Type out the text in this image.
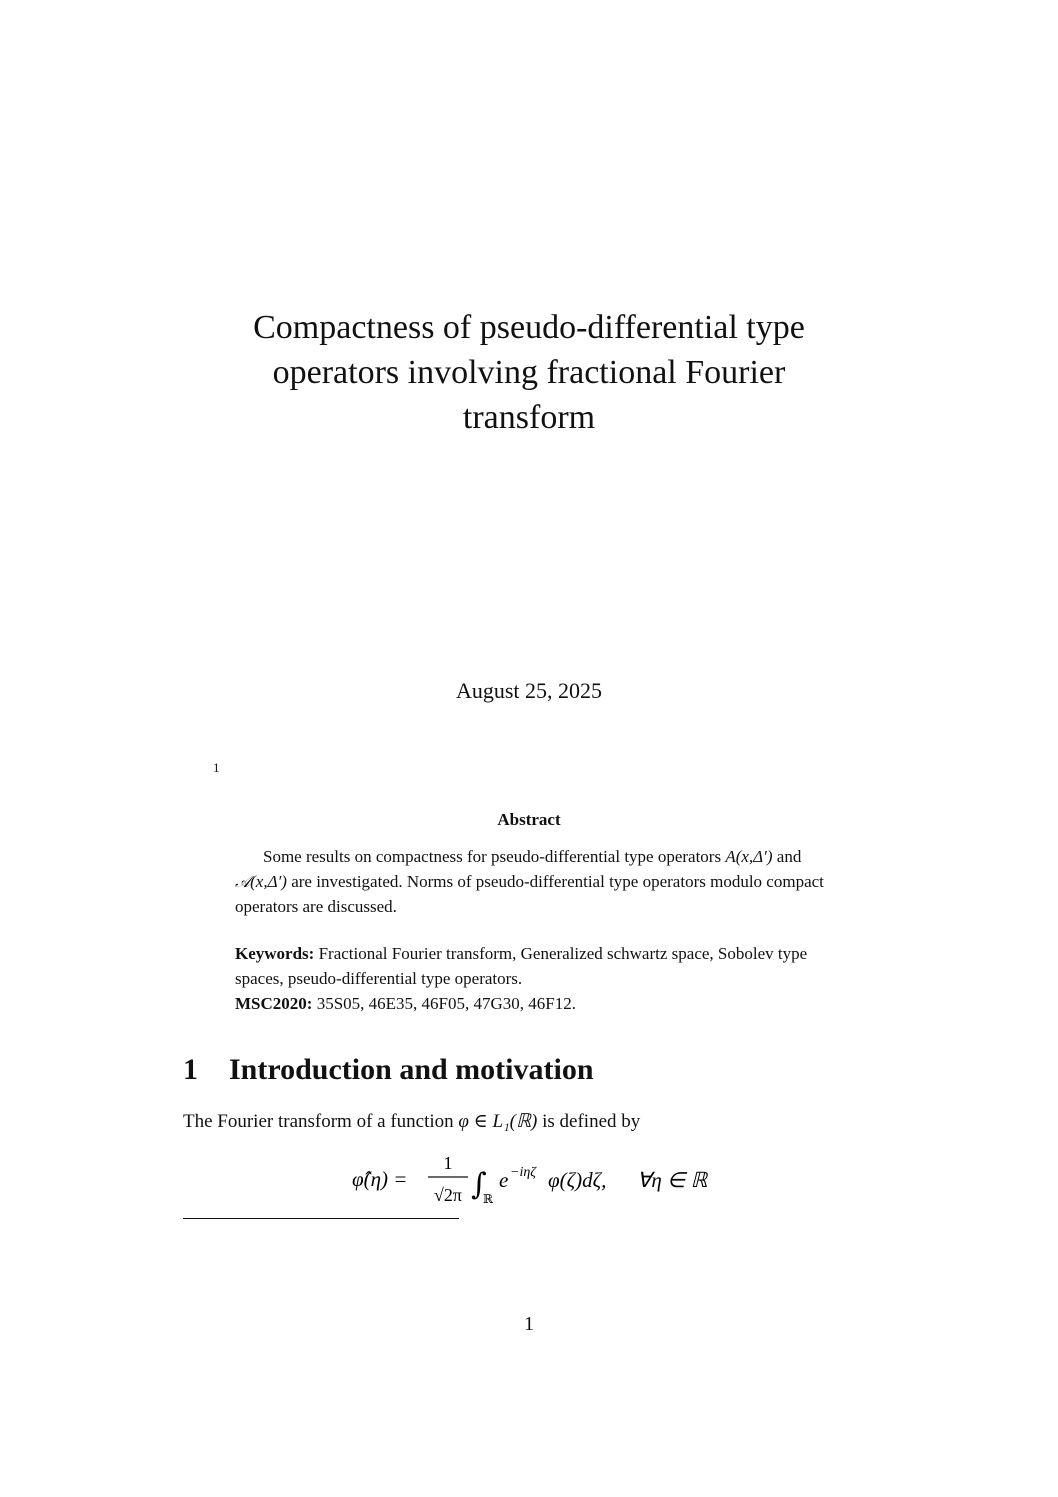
Compactness of pseudo-differential type
operators involving fractional Fourier
transform
August 25, 2025
1
Abstract
Some results on compactness for pseudo-differential type operators A(x,Δ′) and 𝒜(x,Δ′) are investigated. Norms of pseudo-differential type operators modulo compact operators are discussed.
Keywords: Fractional Fourier transform, Generalized schwartz space, Sobolev type spaces, pseudo-differential type operators.
MSC2020: 35S05, 46E35, 46F05, 47G30, 46F12.
1 Introduction and motivation
The Fourier transform of a function φ ∈ L₁(ℝ) is defined by
φ̂(η) =
1
√2π ∫
ℝ
e −iηζ φ(ζ)dζ, ∀η ∈ ℝ
1
